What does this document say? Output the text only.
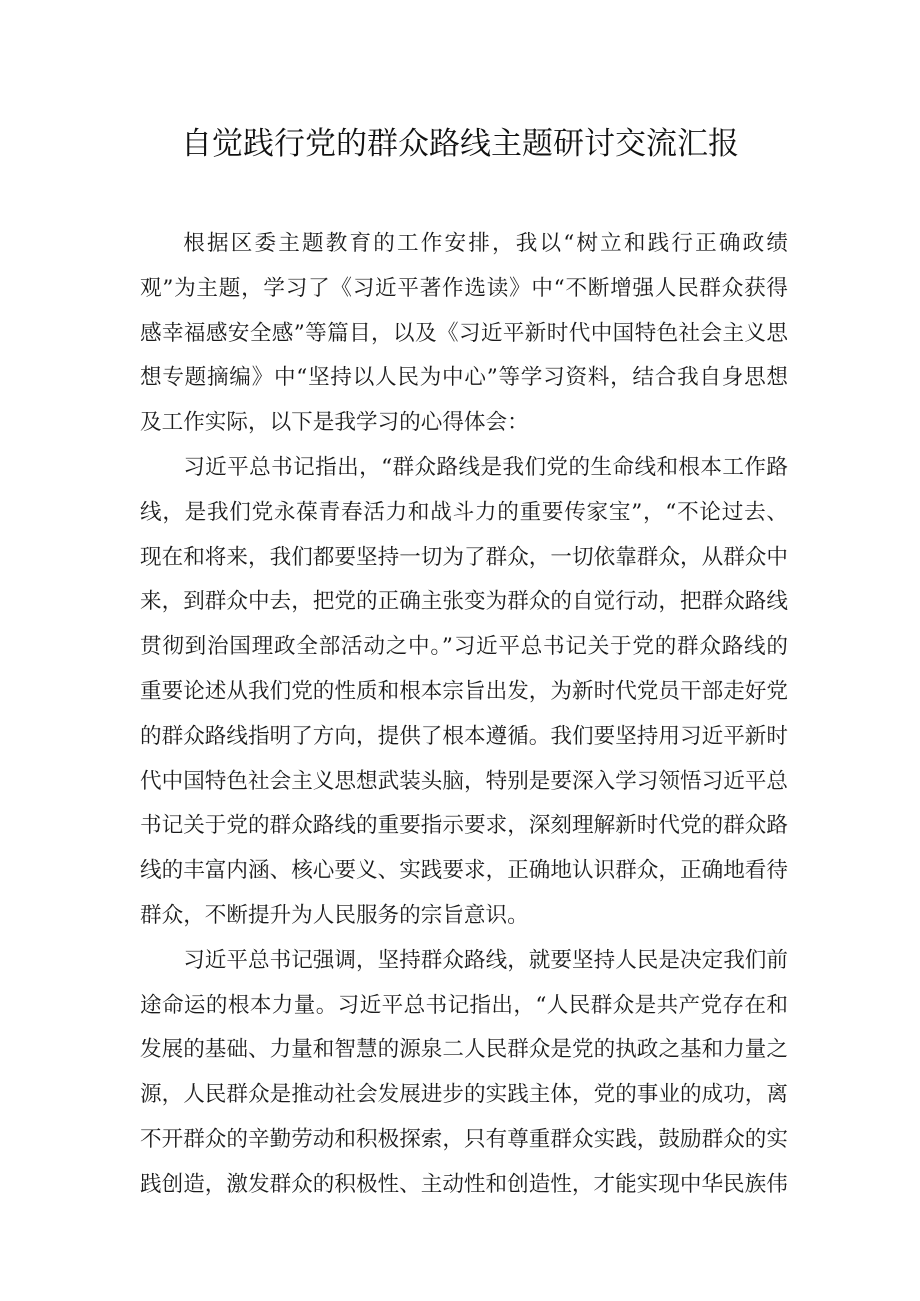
自觉践行党的群众路线主题研讨交流汇报

根据区委主题教育的工作安排，我以“树立和践行正确政绩观”为主题，学习了《习近平著作选读》中“不断增强人民群众获得感幸福感安全感”等篇目，以及《习近平新时代中国特色社会主义思想专题摘编》中“坚持以人民为中心”等学习资料，结合我自身思想及工作实际，以下是我学习的心得体会：

习近平总书记指出，“群众路线是我们党的生命线和根本工作路线，是我们党永葆青春活力和战斗力的重要传家宝”，“不论过去、现在和将来，我们都要坚持一切为了群众，一切依靠群众，从群众中来，到群众中去，把党的正确主张变为群众的自觉行动，把群众路线贯彻到治国理政全部活动之中。”习近平总书记关于党的群众路线的重要论述从我们党的性质和根本宗旨出发，为新时代党员干部走好党的群众路线指明了方向，提供了根本遵循。我们要坚持用习近平新时代中国特色社会主义思想武装头脑，特别是要深入学习领悟习近平总书记关于党的群众路线的重要指示要求，深刻理解新时代党的群众路线的丰富内涵、核心要义、实践要求，正确地认识群众，正确地看待群众，不断提升为人民服务的宗旨意识。

习近平总书记强调，坚持群众路线，就要坚持人民是决定我们前途命运的根本力量。习近平总书记指出，“人民群众是共产党存在和发展的基础、力量和智慧的源泉二人民群众是党的执政之基和力量之源，人民群众是推动社会发展进步的实践主体，党的事业的成功，离不开群众的辛勤劳动和积极探索，只有尊重群众实践，鼓励群众的实践创造，激发群众的积极性、主动性和创造性，才能实现中华民族伟
